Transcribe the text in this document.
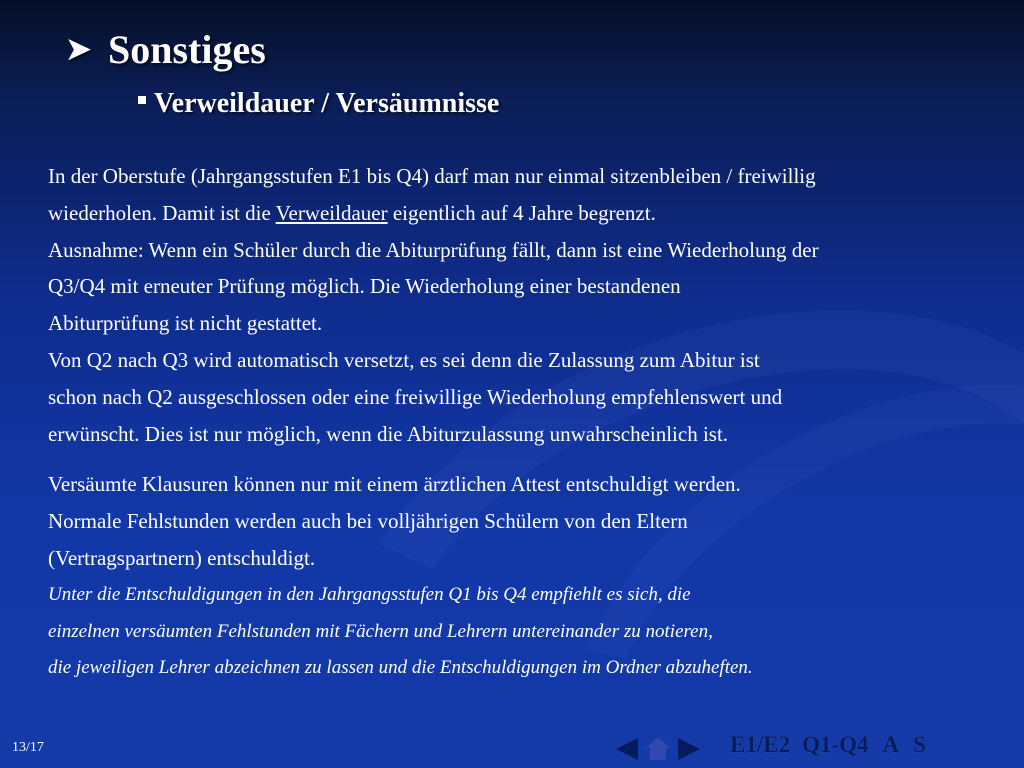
➤ Sonstiges
Verweildauer / Versäumnisse

In der Oberstufe (Jahrgangsstufen E1 bis Q4) darf man nur einmal sitzenbleiben / freiwillig

wiederholen. Damit ist die Verweildauer eigentlich auf 4 Jahre begrenzt.

Ausnahme: Wenn ein Schüler durch die Abiturprüfung fällt, dann ist eine Wiederholung der

Q3/Q4 mit erneuter Prüfung möglich. Die Wiederholung einer bestandenen

Abiturprüfung ist nicht gestattet.

Von Q2 nach Q3 wird automatisch versetzt, es sei denn die Zulassung zum Abitur ist

schon nach Q2 ausgeschlossen oder eine freiwillige Wiederholung empfehlenswert und

erwünscht. Dies ist nur möglich, wenn die Abiturzulassung unwahrscheinlich ist.

Versäumte Klausuren können nur mit einem ärztlichen Attest entschuldigt werden.

Normale Fehlstunden werden auch bei volljährigen Schülern von den Eltern

(Vertragspartnern) entschuldigt.

Unter die Entschuldigungen in den Jahrgangsstufen Q1 bis Q4 empfiehlt es sich, die

einzelnen versäumten Fehlstunden mit Fächern und Lehrern untereinander zu notieren,

die jeweiligen Lehrer abzeichnen zu lassen und die Entschuldigungen im Ordner abzuheften.

13/17	E1/E2 Q1-Q4 A S
